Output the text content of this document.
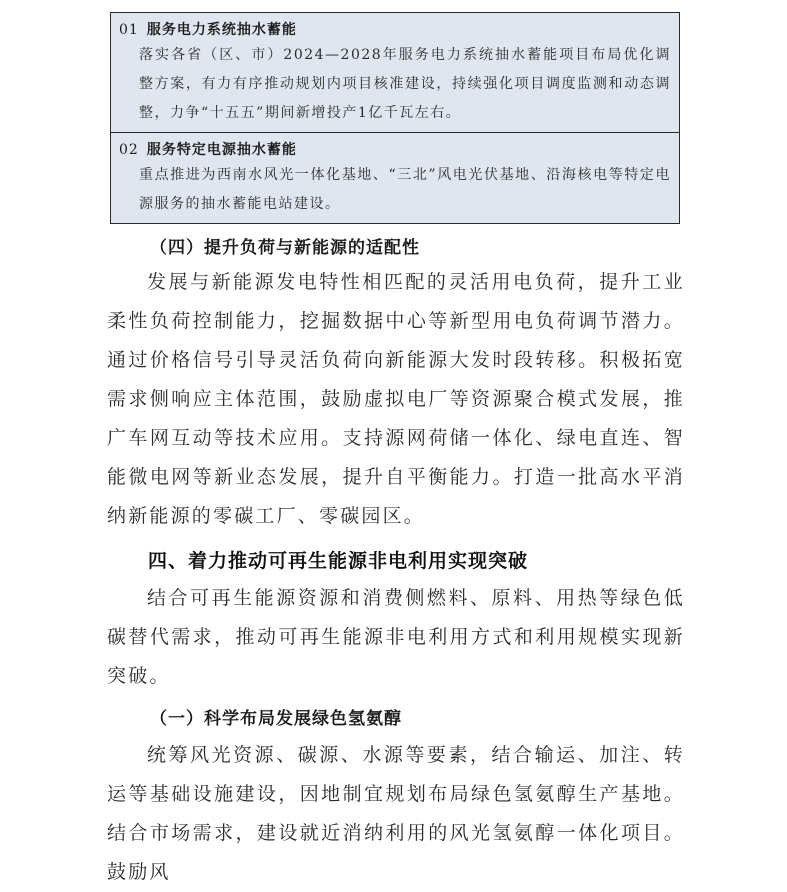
01 服务电力系统抽水蓄能
落实各省（区、市）2024—2028年服务电力系统抽水蓄能项目布局优化调整方案，有力有序推动规划内项目核准建设，持续强化项目调度监测和动态调整，力争“十五五”期间新增投产1亿千瓦左右。
02 服务特定电源抽水蓄能
重点推进为西南水风光一体化基地、“三北”风电光伏基地、沿海核电等特定电源服务的抽水蓄能电站建设。
（四）提升负荷与新能源的适配性
发展与新能源发电特性相匹配的灵活用电负荷，提升工业柔性负荷控制能力，挖掘数据中心等新型用电负荷调节潜力。通过价格信号引导灵活负荷向新能源大发时段转移。积极拓宽需求侧响应主体范围，鼓励虚拟电厂等资源聚合模式发展，推广车网互动等技术应用。支持源网荷储一体化、绿电直连、智能微电网等新业态发展，提升自平衡能力。打造一批高水平消纳新能源的零碳工厂、零碳园区。
四、着力推动可再生能源非电利用实现突破
结合可再生能源资源和消费侧燃料、原料、用热等绿色低碳替代需求，推动可再生能源非电利用方式和利用规模实现新突破。
（一）科学布局发展绿色氢氨醇
统筹风光资源、碳源、水源等要素，结合输运、加注、转运等基础设施建设，因地制宜规划布局绿色氢氨醇生产基地。结合市场需求，建设就近消纳利用的风光氢氨醇一体化项目。鼓励风
